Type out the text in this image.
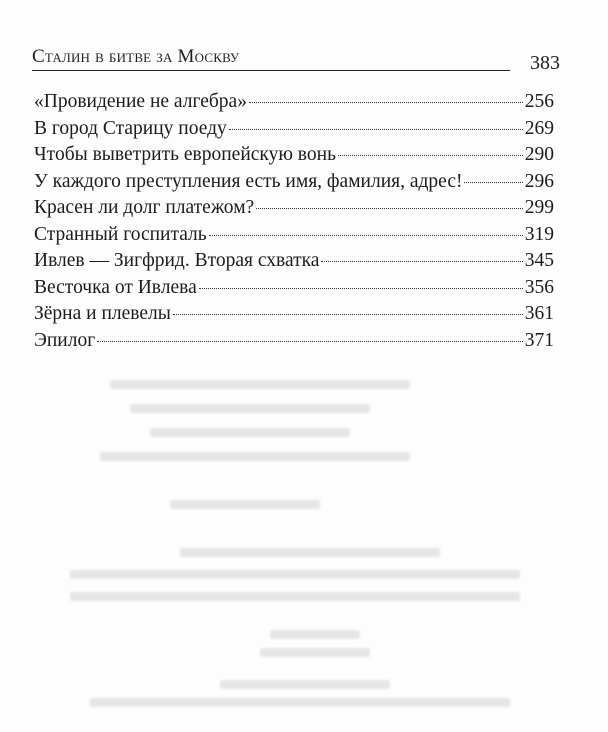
Сталин в битве за Москву	383
«Провидение не алгебра»	256
В город Старицу поеду	269
Чтобы выветрить европейскую вонь	290
У каждого преступления есть имя, фамилия, адрес!	296
Красен ли долг платежом?	299
Странный госпиталь	319
Ивлев — Зигфрид. Вторая схватка	345
Весточка от Ивлева	356
Зёрна и плевелы	361
Эпилог	371
